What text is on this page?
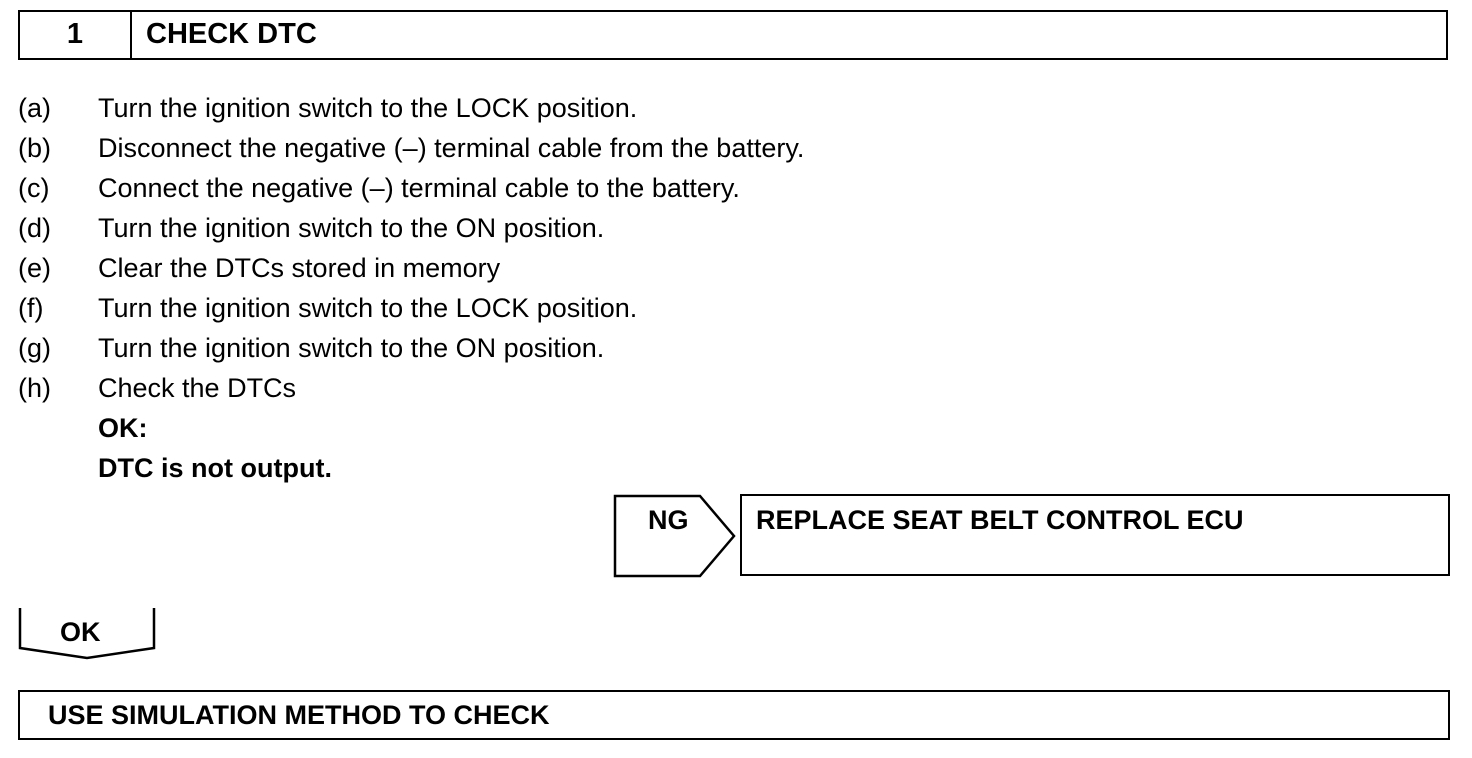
1	CHECK DTC
(a)	Turn the ignition switch to the LOCK position.
(b)	Disconnect the negative (–) terminal cable from the battery.
(c)	Connect the negative (–) terminal cable to the battery.
(d)	Turn the ignition switch to the ON position.
(e)	Clear the DTCs stored in memory
(f)	Turn the ignition switch to the LOCK position.
(g)	Turn the ignition switch to the ON position.
(h)	Check the DTCs
OK:
DTC is not output.
NG	REPLACE SEAT BELT CONTROL ECU
OK
USE SIMULATION METHOD TO CHECK
